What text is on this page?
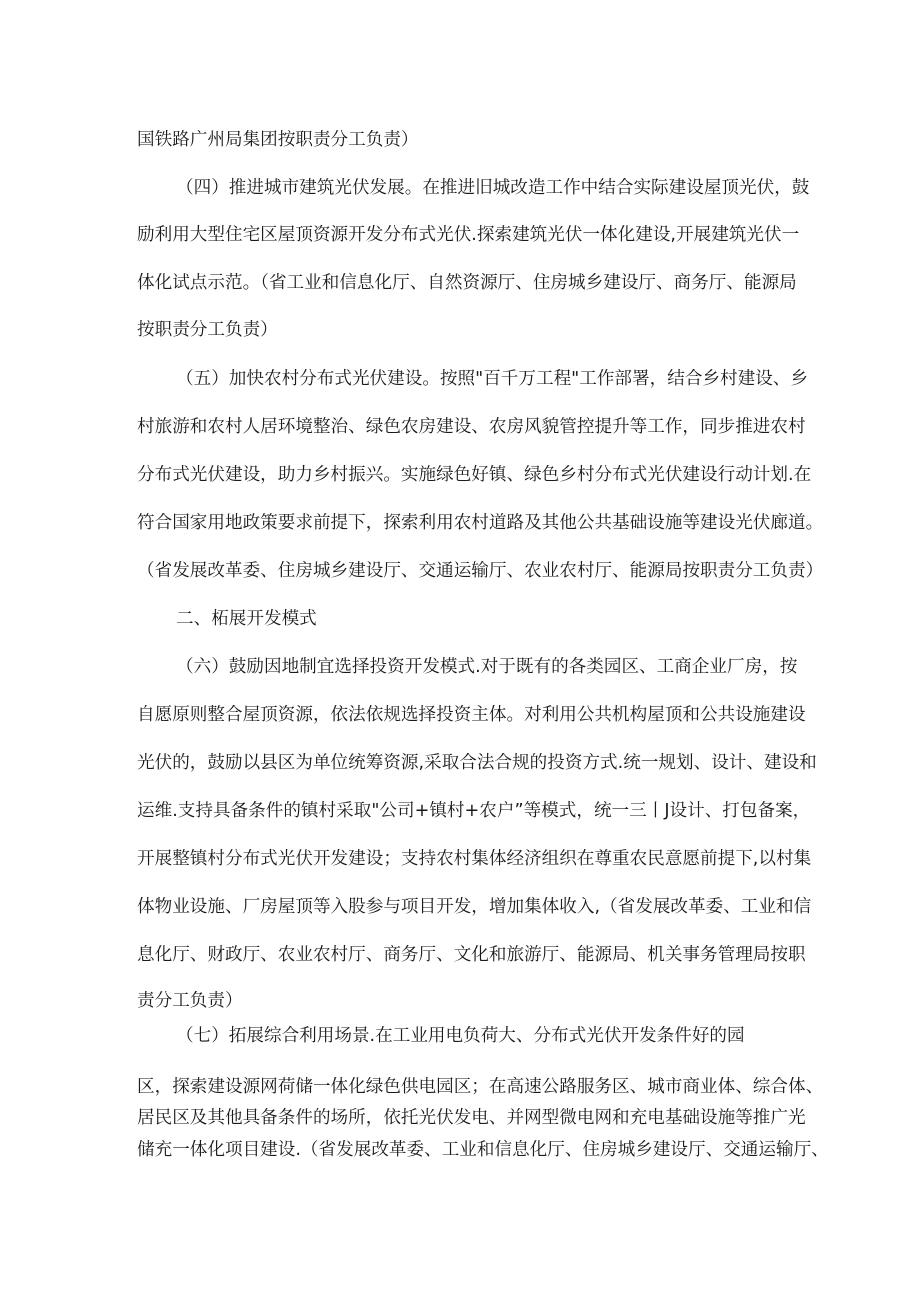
国铁路广州局集团按职责分工负责）
（四）推进城市建筑光伏发展。在推进旧城改造工作中结合实际建设屋顶光伏，鼓
励利用大型住宅区屋顶资源开发分布式光伏.探索建筑光伏一体化建设,开展建筑光伏一
体化试点示范。（省工业和信息化厅、自然资源厅、住房城乡建设厅、商务厅、能源局
按职责分工负责）
（五）加快农村分布式光伏建设。按照"百千万工程"工作部署，结合乡村建设、乡
村旅游和农村人居环境整治、绿色农房建设、农房风貌管控提升等工作，同步推进农村
分布式光伏建设，助力乡村振兴。实施绿色好镇、绿色乡村分布式光伏建设行动计划.在
符合国家用地政策要求前提下，探索利用农村道路及其他公共基础设施等建设光伏廊道。
（省发展改革委、住房城乡建设厅、交通运输厅、农业农村厅、能源局按职责分工负责）
二、柘展开发模式
（六）鼓励因地制宜选择投资开发模式.对于既有的各类园区、工商企业厂房，按
自愿原则整合屋顶资源，依法依规选择投资主体。对利用公共机构屋顶和公共设施建设
光伏的，鼓励以县区为单位统筹资源,采取合法合规的投资方式.统一规划、设计、建设和
运维.支持具备条件的镇村采取"公司+镇村+农户”等模式，统一三丨J设计、打包备案，
开展整镇村分布式光伏开发建设；支持农村集体经济组织在尊重农民意愿前提下,以村集
体物业设施、厂房屋顶等入股参与项目开发，增加集体收入,（省发展改革委、工业和信
息化厅、财政厅、农业农村厅、商务厅、文化和旅游厅、能源局、机关事务管理局按职
责分工负责）
（七）拓展综合利用场景.在工业用电负荷大、分布式光伏开发条件好的园
区，探索建设源网荷储一体化绿色供电园区；在高速公路服务区、城市商业体、综合体、
居民区及其他具备条件的场所，依托光伏发电、并网型微电网和充电基础设施等推广光
储充一体化项目建设.（省发展改革委、工业和信息化厅、住房城乡建设厅、交通运输厅、
